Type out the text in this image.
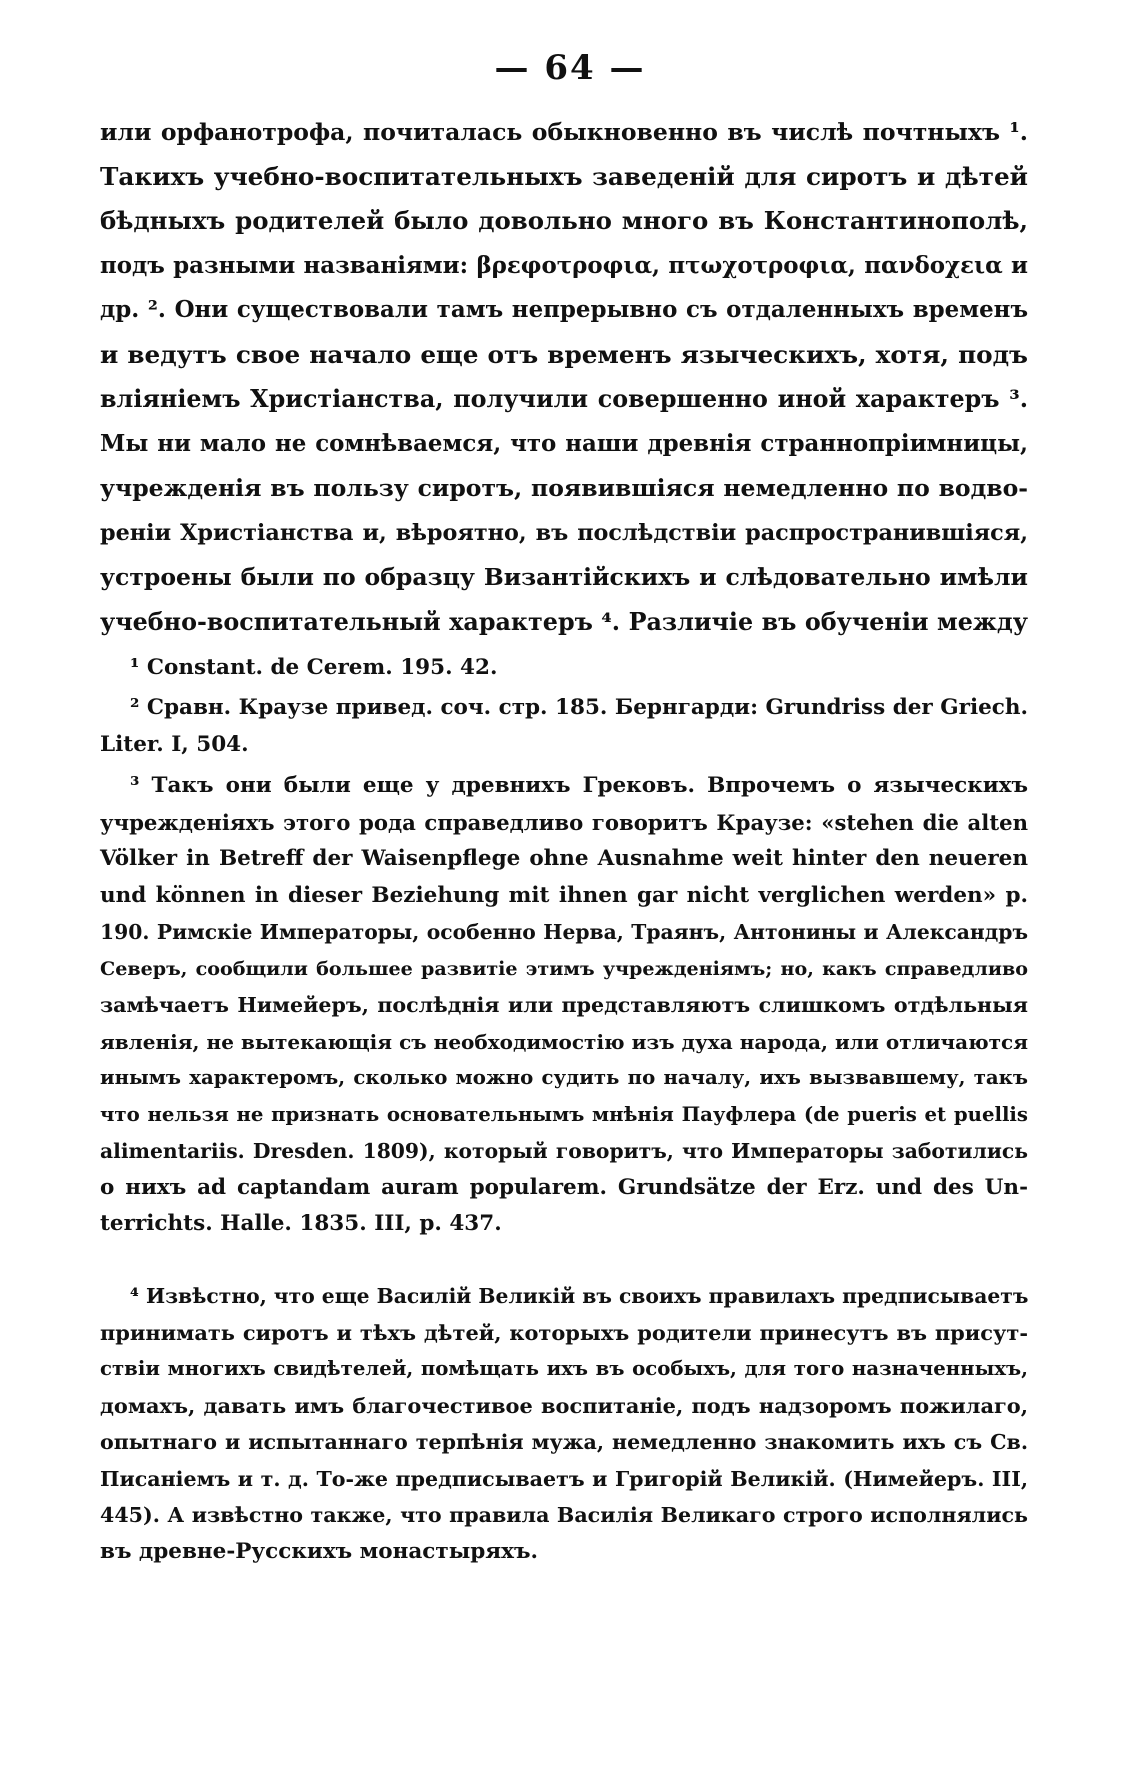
— 64 —
или орфанотрофа, почиталась обыкновенно въ числѣ почтныхъ ¹.
Такихъ учебно-воспитательныхъ заведеній для сиротъ и дѣтей
бѣдныхъ родителей было довольно много въ Константинополѣ,
подъ разными названіями: βρεφοτροφια, πτωχοτροφια, πανδοχεια и
др. ². Они существовали тамъ непрерывно съ отдаленныхъ временъ
и ведутъ свое начало еще отъ временъ языческихъ, хотя, подъ
вліяніемъ Христіанства, получили совершенно иной характеръ ³.
Мы ни мало не сомнѣваемся, что наши древнія страннопріимницы,
учрежденія въ пользу сиротъ, появившіяся немедленно по водво-
реніи Христіанства и, вѣроятно, въ послѣдствіи распространившіяся,
устроены были по образцу Византійскихъ и слѣдовательно имѣли
учебно-воспитательный характеръ ⁴. Различіе въ обученіи между
¹ Constant. de Cerem. 195. 42.
² Сравн. Краузе привед. соч. стр. 185. Бернгарди: Grundriss der Griech.
Liter. I, 504.
³ Такъ они были еще у древнихъ Грековъ. Впрочемъ о языческихъ
учрежденіяхъ этого рода справедливо говоритъ Краузе: «stehen die alten
Völker in Betreff der Waisenpflege ohne Ausnahme weit hinter den neueren
und können in dieser Beziehung mit ihnen gar nicht verglichen werden» p.
190. Римскіе Императоры, особенно Нерва, Траянъ, Антонины и Александръ
Северъ, сообщили большее развитіе этимъ учрежденіямъ; но, какъ справедливо
замѣчаетъ Нимейеръ, послѣднія или представляютъ слишкомъ отдѣльныя
явленія, не вытекающія съ необходимостію изъ духа народа, или отличаются
инымъ характеромъ, сколько можно судить по началу, ихъ вызвавшему, такъ
что нельзя не признать основательнымъ мнѣнія Пауфлера (de pueris et puellis
alimentariis. Dresden. 1809), который говоритъ, что Императоры заботились
о нихъ ad captandam auram popularem. Grundsätze der Erz. und des Un-
terrichts. Halle. 1835. III, p. 437.
⁴ Извѣстно, что еще Василій Великій въ своихъ правилахъ предписываетъ
принимать сиротъ и тѣхъ дѣтей, которыхъ родители принесутъ въ присут-
ствіи многихъ свидѣтелей, помѣщать ихъ въ особыхъ, для того назначенныхъ,
домахъ, давать имъ благочестивое воспитаніе, подъ надзоромъ пожилаго,
опытнаго и испытаннаго терпѣнія мужа, немедленно знакомить ихъ съ Св.
Писаніемъ и т. д. То-же предписываетъ и Григорій Великій. (Нимейеръ. III,
445). А извѣстно также, что правила Василія Великаго строго исполнялись
въ древне-Русскихъ монастыряхъ.
